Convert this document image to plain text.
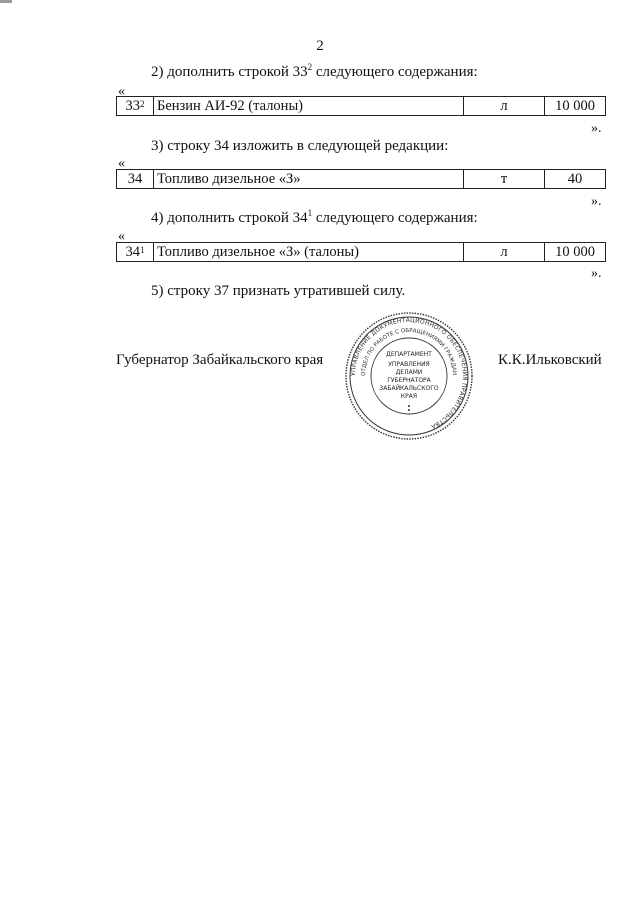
2
2) дополнить строкой $33^2$ следующего содержания:
«
$33^2$	Бензин АИ-92 (талоны)	л	10 000
».
3) строку 34 изложить в следующей редакции:
«
34	Топливо дизельное «З»	т	40
».
4) дополнить строкой $34^1$ следующего содержания:
«
$34^1$	Топливо дизельное «З» (талоны)	л	10 000
».
5) строку 37 признать утратившей силу.
Губернатор Забайкальского края	К.К.Ильковский
УПРАВЛЕНИЕ ДОКУМЕНТАЦИОННОГО ОБЕСПЕЧЕНИЯ ПРАВИТЕЛЬСТВА
ОТДЕЛ ПО РАБОТЕ С ОБРАЩЕНИЯМИ ГРАЖДАН
ДЕПАРТАМЕНТ
УПРАВЛЕНИЯ
ДЕЛАМИ
ГУБЕРНАТОРА
ЗАБАЙКАЛЬСКОГО
КРАЯ
